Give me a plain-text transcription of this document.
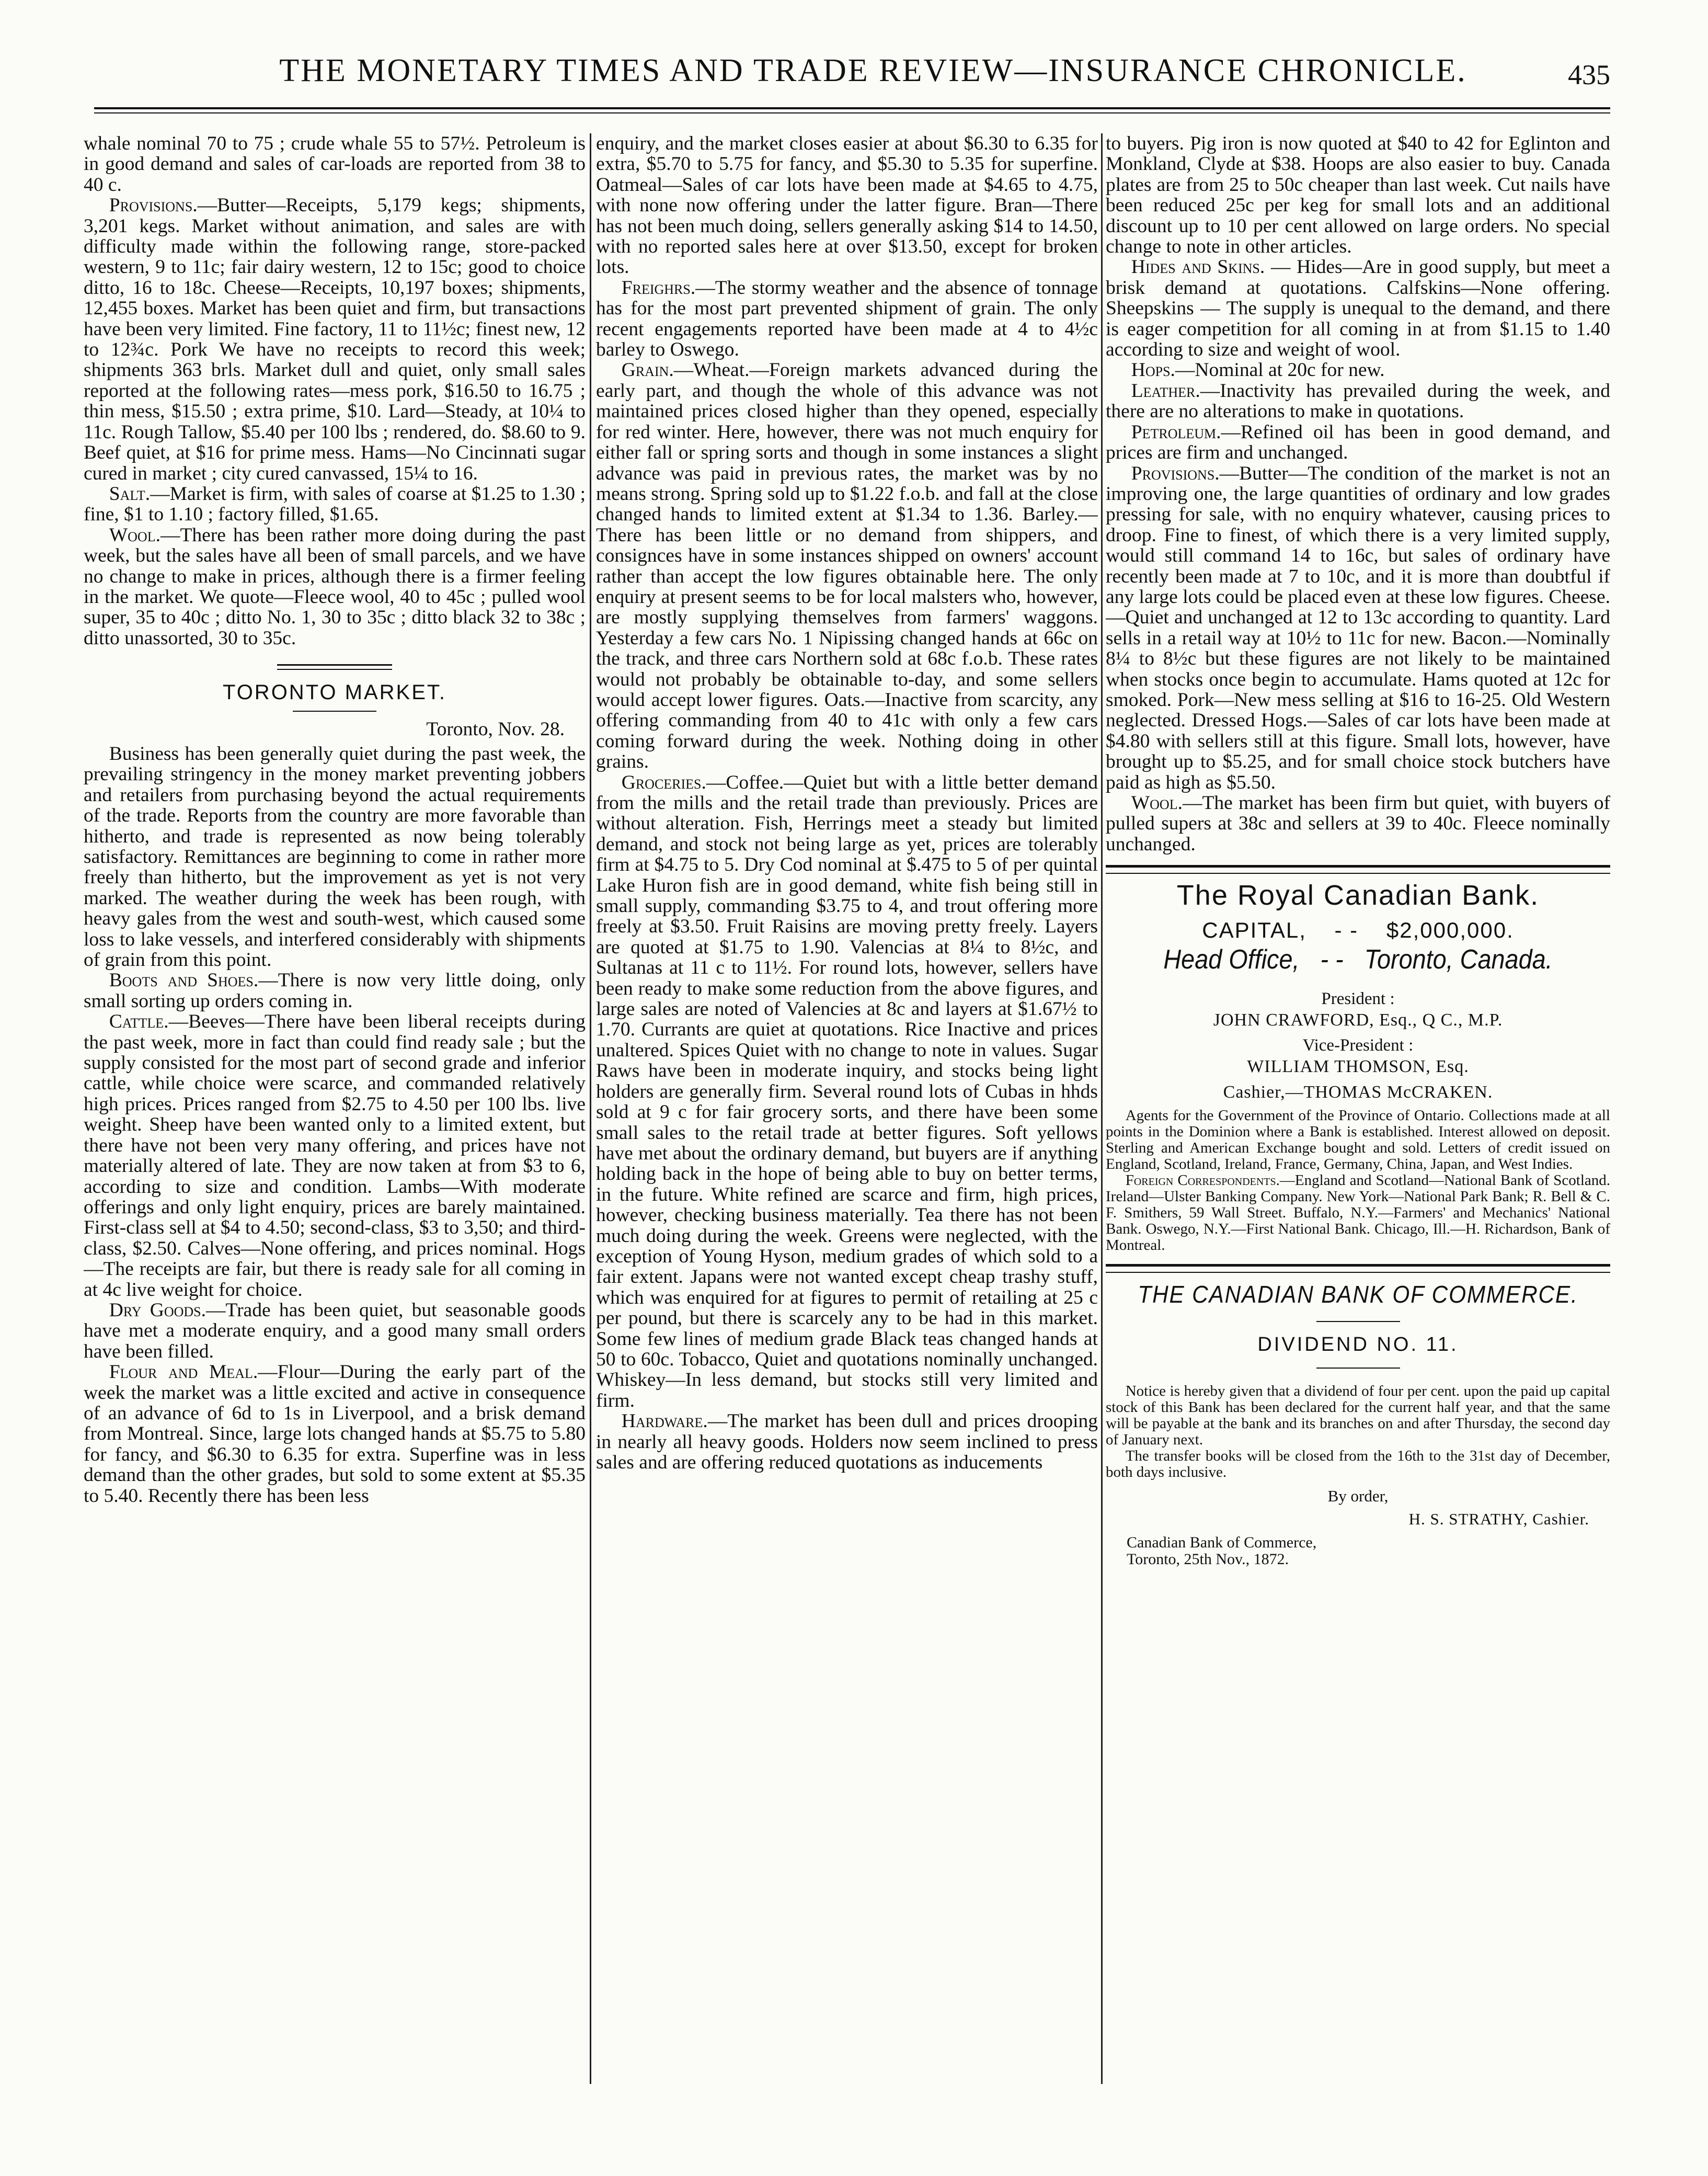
THE MONETARY TIMES AND TRADE REVIEW—INSURANCE CHRONICLE.	435

whale nominal 70 to 75 ; crude whale 55 to 57½. Petroleum is in good demand and sales of car-loads are reported from 38 to 40 c.

Provisions.—Butter—Receipts, 5,179 kegs; shipments, 3,201 kegs. Market without animation, and sales are with difficulty made within the following range, store-packed western, 9 to 11c; fair dairy western, 12 to 15c; good to choice ditto, 16 to 18c. Cheese—Receipts, 10,197 boxes; shipments, 12,455 boxes. Market has been quiet and firm, but transactions have been very limited. Fine factory, 11 to 11½c; finest new, 12 to 12¾c. Pork We have no receipts to record this week; shipments 363 brls. Market dull and quiet, only small sales reported at the following rates—mess pork, $16.50 to 16.75 ; thin mess, $15.50 ; extra prime, $10. Lard—Steady, at 10¼ to 11c. Rough Tallow, $5.40 per 100 lbs ; rendered, do. $8.60 to 9. Beef quiet, at $16 for prime mess. Hams—No Cincinnati sugar cured in market ; city cured canvassed, 15¼ to 16.

Salt.—Market is firm, with sales of coarse at $1.25 to 1.30 ; fine, $1 to 1.10 ; factory filled, $1.65.

Wool.—There has been rather more doing during the past week, but the sales have all been of small parcels, and we have no change to make in prices, although there is a firmer feeling in the market. We quote—Fleece wool, 40 to 45c ; pulled wool super, 35 to 40c ; ditto No. 1, 30 to 35c ; ditto black 32 to 38c ; ditto unassorted, 30 to 35c.

TORONTO MARKET.
Toronto, Nov. 28.

Business has been generally quiet during the past week, the prevailing stringency in the money market preventing jobbers and retailers from purchasing beyond the actual requirements of the trade. Reports from the country are more favorable than hitherto, and trade is represented as now being tolerably satisfactory. Remittances are beginning to come in rather more freely than hitherto, but the improvement as yet is not very marked. The weather during the week has been rough, with heavy gales from the west and south-west, which caused some loss to lake vessels, and interfered considerably with shipments of grain from this point.

Boots and Shoes.—There is now very little doing, only small sorting up orders coming in.

Cattle.—Beeves—There have been liberal receipts during the past week, more in fact than could find ready sale ; but the supply consisted for the most part of second grade and inferior cattle, while choice were scarce, and commanded relatively high prices. Prices ranged from $2.75 to 4.50 per 100 lbs. live weight. Sheep have been wanted only to a limited extent, but there have not been very many offering, and prices have not materially altered of late. They are now taken at from $3 to 6, according to size and condition. Lambs—With moderate offerings and only light enquiry, prices are barely maintained. First-class sell at $4 to 4.50; second-class, $3 to 3,50; and third-class, $2.50. Calves—None offering, and prices nominal. Hogs—The receipts are fair, but there is ready sale for all coming in at 4c live weight for choice.

Dry Goods.—Trade has been quiet, but seasonable goods have met a moderate enquiry, and a good many small orders have been filled.

Flour and Meal.—Flour—During the early part of the week the market was a little excited and active in consequence of an advance of 6d to 1s in Liverpool, and a brisk demand from Montreal. Since, large lots changed hands at $5.75 to 5.80 for fancy, and $6.30 to 6.35 for extra. Superfine was in less demand than the other grades, but sold to some extent at $5.35 to 5.40. Recently there has been less

enquiry, and the market closes easier at about $6.30 to 6.35 for extra, $5.70 to 5.75 for fancy, and $5.30 to 5.35 for superfine. Oatmeal—Sales of car lots have been made at $4.65 to 4.75, with none now offering under the latter figure. Bran—There has not been much doing, sellers generally asking $14 to 14.50, with no reported sales here at over $13.50, except for broken lots.

Freighrs.—The stormy weather and the absence of tonnage has for the most part prevented shipment of grain. The only recent engagements reported have been made at 4 to 4½c barley to Oswego.

Grain.—Wheat.—Foreign markets advanced during the early part, and though the whole of this advance was not maintained prices closed higher than they opened, especially for red winter. Here, however, there was not much enquiry for either fall or spring sorts and though in some instances a slight advance was paid in previous rates, the market was by no means strong. Spring sold up to $1.22 f.o.b. and fall at the close changed hands to limited extent at $1.34 to 1.36. Barley.—There has been little or no demand from shippers, and consignces have in some instances shipped on owners' account rather than accept the low figures obtainable here. The only enquiry at present seems to be for local malsters who, however, are mostly supplying themselves from farmers' waggons. Yesterday a few cars No. 1 Nipissing changed hands at 66c on the track, and three cars Northern sold at 68c f.o.b. These rates would not probably be obtainable to-day, and some sellers would accept lower figures. Oats.—Inactive from scarcity, any offering commanding from 40 to 41c with only a few cars coming forward during the week. Nothing doing in other grains.

Groceries.—Coffee.—Quiet but with a little better demand from the mills and the retail trade than previously. Prices are without alteration. Fish, Herrings meet a steady but limited demand, and stock not being large as yet, prices are tolerably firm at $4.75 to 5. Dry Cod nominal at $.475 to 5 of per quintal Lake Huron fish are in good demand, white fish being still in small supply, commanding $3.75 to 4, and trout offering more freely at $3.50. Fruit Raisins are moving pretty freely. Layers are quoted at $1.75 to 1.90. Valencias at 8¼ to 8½c, and Sultanas at 11 c to 11½. For round lots, however, sellers have been ready to make some reduction from the above figures, and large sales are noted of Valencies at 8c and layers at $1.67½ to 1.70. Currants are quiet at quotations. Rice Inactive and prices unaltered. Spices Quiet with no change to note in values. Sugar Raws have been in moderate inquiry, and stocks being light holders are generally firm. Several round lots of Cubas in hhds sold at 9 c for fair grocery sorts, and there have been some small sales to the retail trade at better figures. Soft yellows have met about the ordinary demand, but buyers are if anything holding back in the hope of being able to buy on better terms, in the future. White refined are scarce and firm, high prices, however, checking business materially. Tea there has not been much doing during the week. Greens were neglected, with the exception of Young Hyson, medium grades of which sold to a fair extent. Japans were not wanted except cheap trashy stuff, which was enquired for at figures to permit of retailing at 25 c per pound, but there is scarcely any to be had in this market. Some few lines of medium grade Black teas changed hands at 50 to 60c. Tobacco, Quiet and quotations nominally unchanged. Whiskey—In less demand, but stocks still very limited and firm.

Hardware.—The market has been dull and prices drooping in nearly all heavy goods. Holders now seem inclined to press sales and are offering reduced quotations as inducements

to buyers. Pig iron is now quoted at $40 to 42 for Eglinton and Monkland, Clyde at $38. Hoops are also easier to buy. Canada plates are from 25 to 50c cheaper than last week. Cut nails have been reduced 25c per keg for small lots and an additional discount up to 10 per cent allowed on large orders. No special change to note in other articles.

Hides and Skins. — Hides—Are in good supply, but meet a brisk demand at quotations. Calfskins—None offering. Sheepskins — The supply is unequal to the demand, and there is eager competition for all coming in at from $1.15 to 1.40 according to size and weight of wool.

Hops.—Nominal at 20c for new.

Leather.—Inactivity has prevailed during the week, and there are no alterations to make in quotations.

Petroleum.—Refined oil has been in good demand, and prices are firm and unchanged.

Provisions.—Butter—The condition of the market is not an improving one, the large quantities of ordinary and low grades pressing for sale, with no enquiry whatever, causing prices to droop. Fine to finest, of which there is a very limited supply, would still command 14 to 16c, but sales of ordinary have recently been made at 7 to 10c, and it is more than doubtful if any large lots could be placed even at these low figures. Cheese.—Quiet and unchanged at 12 to 13c according to quantity. Lard sells in a retail way at 10½ to 11c for new. Bacon.—Nominally 8¼ to 8½c but these figures are not likely to be maintained when stocks once begin to accumulate. Hams quoted at 12c for smoked. Pork—New mess selling at $16 to 16-25. Old Western neglected. Dressed Hogs.—Sales of car lots have been made at $4.80 with sellers still at this figure. Small lots, however, have brought up to $5.25, and for small choice stock butchers have paid as high as $5.50.

Wool.—The market has been firm but quiet, with buyers of pulled supers at 38c and sellers at 39 to 40c. Fleece nominally unchanged.

The Royal Canadian Bank.
CAPITAL, - - $2,000,000.
Head Office, - - Toronto, Canada.
President :
JOHN CRAWFORD, Esq., Q C., M.P.
Vice-President :
WILLIAM THOMSON, Esq.
Cashier,—THOMAS McCRAKEN.

Agents for the Government of the Province of Ontario. Collections made at all points in the Dominion where a Bank is established. Interest allowed on deposit. Sterling and American Exchange bought and sold. Letters of credit issued on England, Scotland, Ireland, France, Germany, China, Japan, and West Indies.

Foreign Correspondents.—England and Scotland—National Bank of Scotland. Ireland—Ulster Banking Company. New York—National Park Bank; R. Bell & C. F. Smithers, 59 Wall Street. Buffalo, N.Y.—Farmers' and Mechanics' National Bank. Oswego, N.Y.—First National Bank. Chicago, Ill.—H. Richardson, Bank of Montreal.

THE CANADIAN BANK OF COMMERCE.
DIVIDEND NO. 11.

Notice is hereby given that a dividend of four per cent. upon the paid up capital stock of this Bank has been declared for the current half year, and that the same will be payable at the bank and its branches on and after Thursday, the second day of January next.

The transfer books will be closed from the 16th to the 31st day of December, both days inclusive.

By order,
H. S. STRATHY, Cashier.
Canadian Bank of Commerce,
Toronto, 25th Nov., 1872.
